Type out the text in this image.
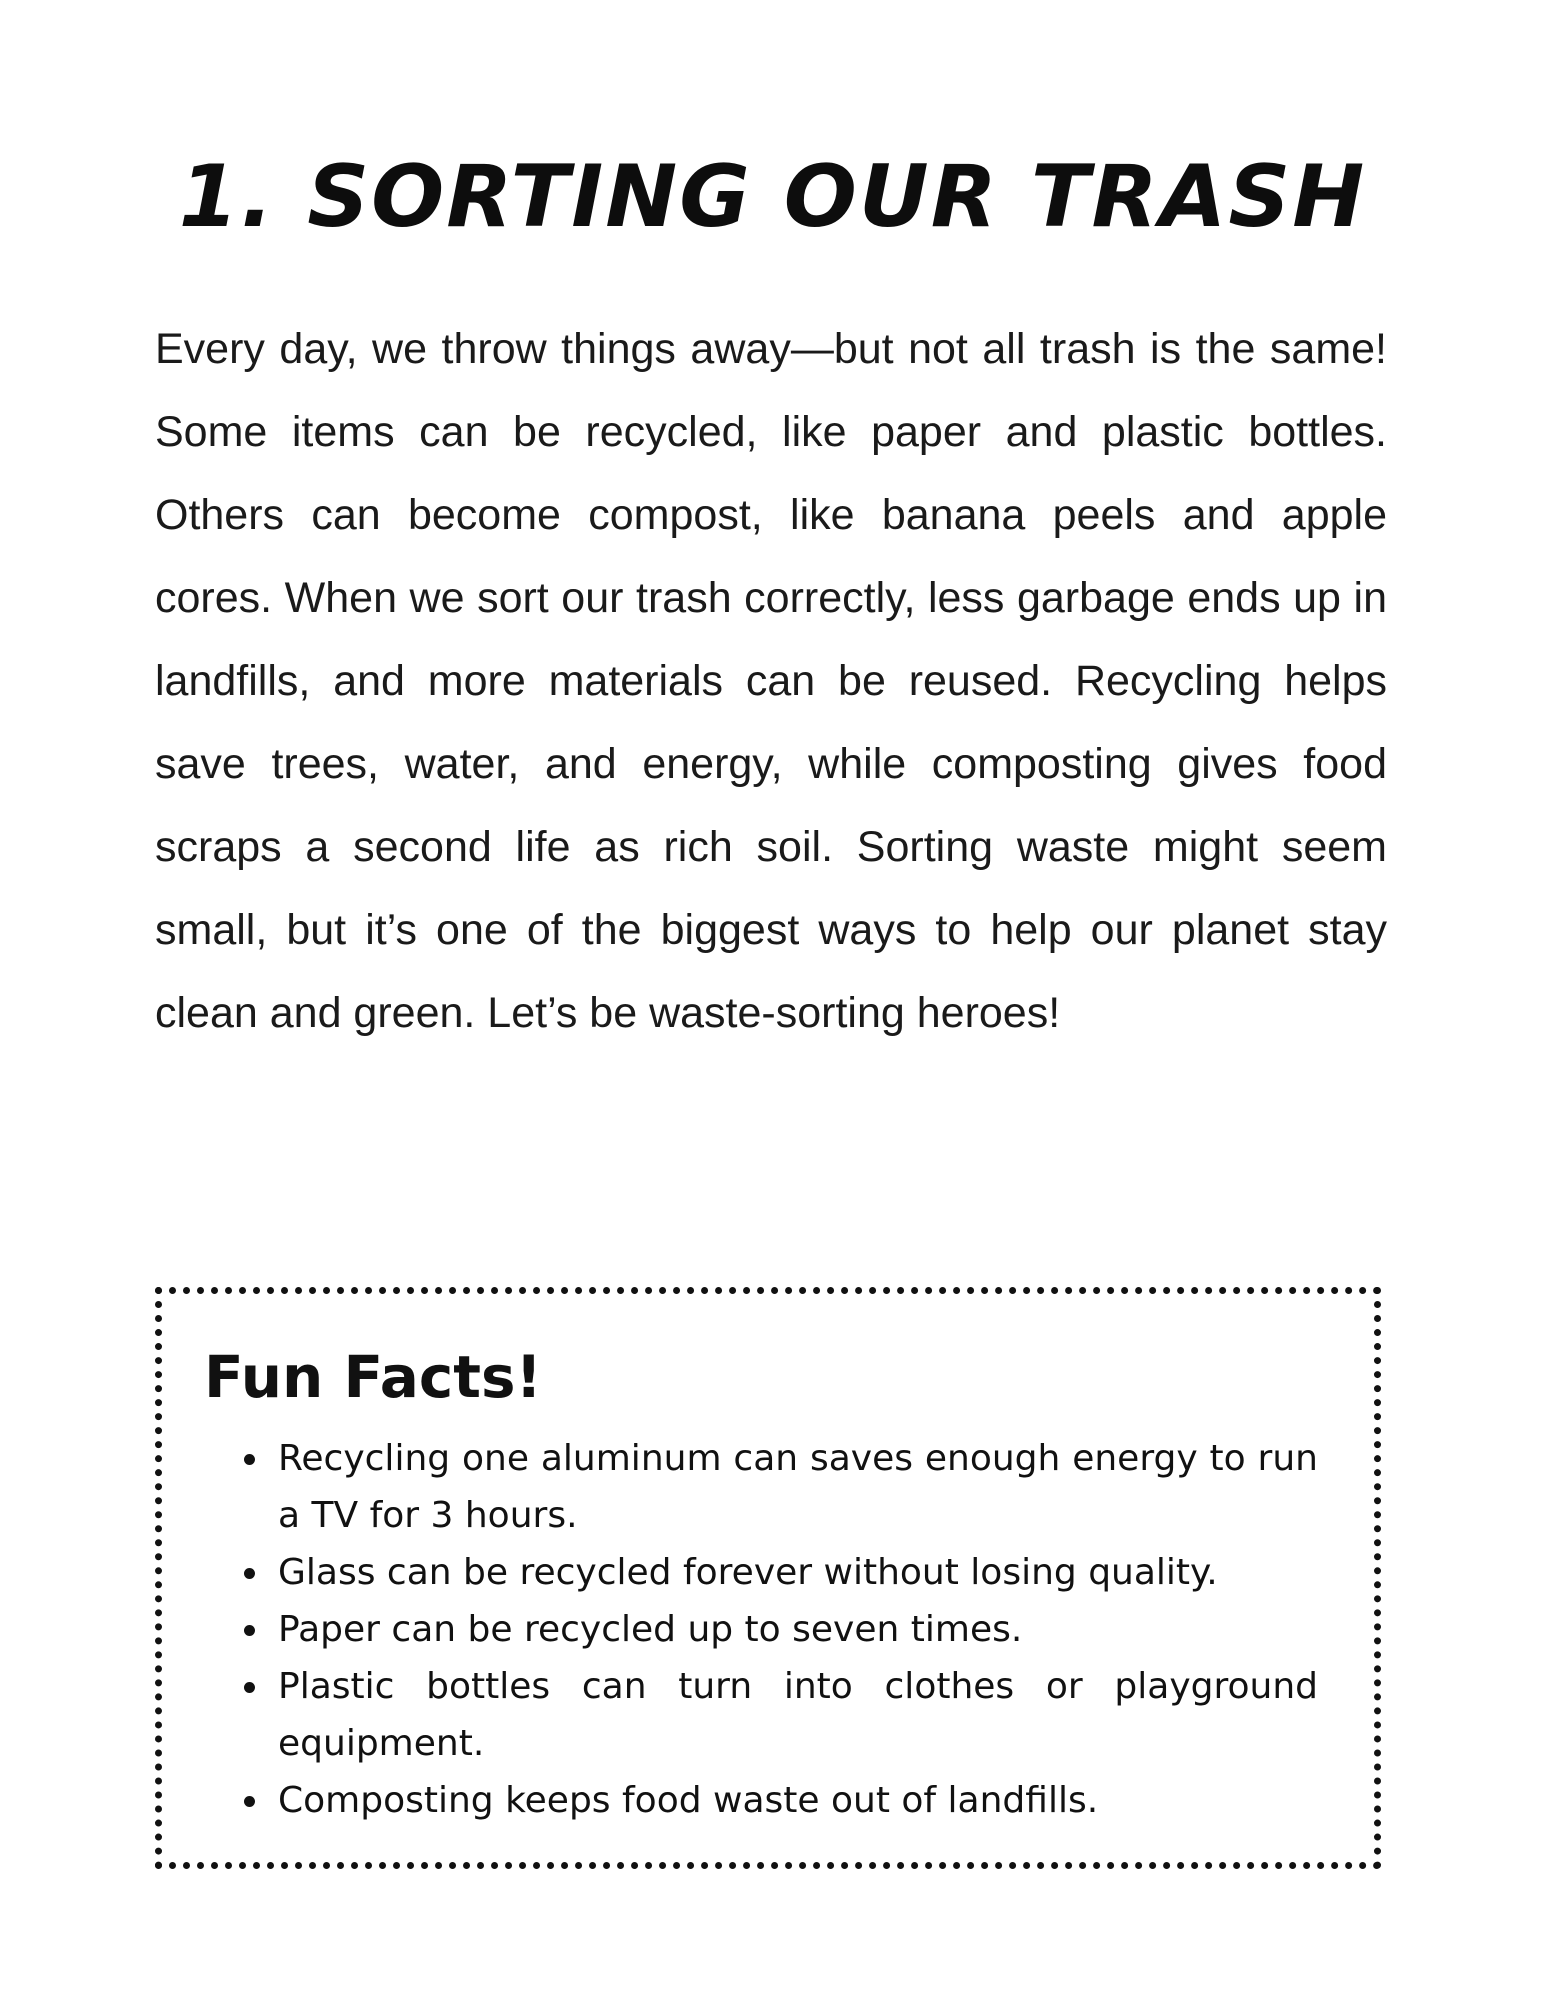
1. SORTING OUR TRASH

Every day, we throw things away—but not all trash is the same! Some items can be recycled, like paper and plastic bottles. Others can become compost, like banana peels and apple cores. When we sort our trash correctly, less garbage ends up in landfills, and more materials can be reused. Recycling helps save trees, water, and energy, while composting gives food scraps a second life as rich soil. Sorting waste might seem small, but it’s one of the biggest ways to help our planet stay clean and green. Let’s be waste-sorting heroes!

Fun Facts!
• Recycling one aluminum can saves enough energy to run a TV for 3 hours.
• Glass can be recycled forever without losing quality.
• Paper can be recycled up to seven times.
• Plastic bottles can turn into clothes or playground equipment.
• Composting keeps food waste out of landfills.
